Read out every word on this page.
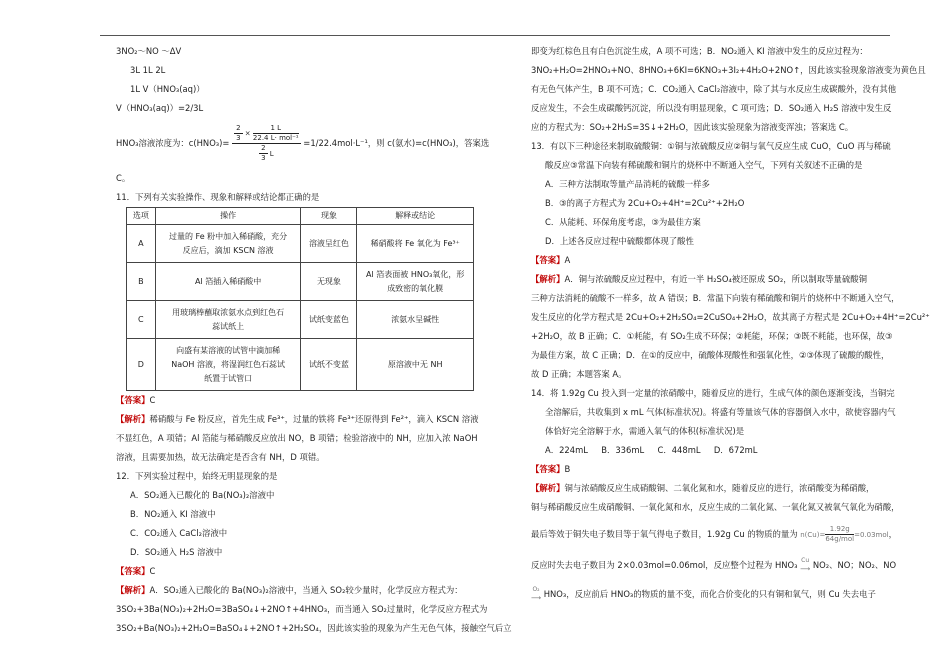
3NO₂～NO ～ΔV

3L 1L 2L

1L V（HNO₃(aq)）

V（HNO₃(aq)）=2/3L

HNO₃溶液浓度为：$c(HNO_3)= \frac{\frac{2}{3} \times \frac{1 L}{\text{22.4 L· mol⁻¹}}}{\frac{2}{3} L} =1/22.4mol\cdot L^{-1}$，则 c(氨水)=c(HNO₃)，答案选

C。

11．下列有关实验操作、现象和解释或结论都正确的是

选项	操作	现象	解释或结论
A	过量的 Fe 粉中加入稀硝酸，充分
反应后，滴加 KSCN 溶液	溶液呈红色	稀硝酸将 Fe 氧化为 Fe³⁺
B	Al 箔插入稀硝酸中	无现象	Al 箔表面被 HNO₃氧化，形
成致密的氧化膜

C	用玻璃棒蘸取浓氨水点到红色石
蕊试纸上	试纸变蓝色	浓氨水呈碱性
D	向盛有某溶液的试管中滴加稀
NaOH 溶液，将湿润红色石蕊试
纸置于试管口	试纸不变蓝	原溶液中无 NH

【答案】C

【解析】稀硝酸与 Fe 粉反应，首先生成 Fe³⁺，过量的铁将 Fe³⁺还原得到 Fe²⁺，滴入 KSCN 溶液

不显红色，A 项错；Al 箔能与稀硝酸反应放出 NO，B 项错；检验溶液中的 NH，应加入浓 NaOH

溶液，且需要加热，故无法确定是否含有 NH，D 项错。

12．下列实验过程中，始终无明显现象的是

A．SO₂通入已酸化的 Ba(NO₃)₂溶液中

B．NO₂通入 KI 溶液中

C．CO₂通入 CaCl₂溶液中

D．SO₂通入 H₂S 溶液中

【答案】C

【解析】A．SO₂通入已酸化的 Ba(NO₃)₂溶液中，当通入 SO₂较少量时，化学反应方程式为：

3SO₂+3Ba(NO₃)₂+2H₂O=3BaSO₄↓+2NO↑+4HNO₃，而当通入 SO₂过量时，化学反应方程式为

3SO₂+Ba(NO₃)₂+2H₂O=BaSO₄↓+2NO↑+2H₂SO₄，因此该实验的现象为产生无色气体，接触空气后立

即变为红棕色且有白色沉淀生成，A 项不可选；B．NO₂通入 KI 溶液中发生的反应过程为：

3NO₂+H₂O=2HNO₃+NO、8HNO₃+6KI=6KNO₃+3I₂+4H₂O+2NO↑，因此该实验现象溶液变为黄色且

有无色气体产生，B 项不可选；C．CO₂通入 CaCl₂溶液中，除了其与水反应生成碳酸外，没有其他

反应发生，不会生成碳酸钙沉淀，所以没有明显现象，C 项可选；D．SO₂通入 H₂S 溶液中发生反

应的方程式为：SO₂+2H₂S=3S↓+2H₂O，因此该实验现象为溶液变浑浊；答案选 C。

13．有以下三种途径来制取硫酸铜：①铜与浓硫酸反应②铜与氧气反应生成 CuO，CuO 再与稀硫

酸反应③常温下向装有稀硫酸和铜片的烧杯中不断通入空气，下列有关叙述不正确的是

A．三种方法制取等量产品消耗的硫酸一样多

B．③的离子方程式为 2Cu+O₂+4H⁺=2Cu²⁺+2H₂O

C．从能耗、环保角度考虑，③为最佳方案

D．上述各反应过程中硫酸都体现了酸性

【答案】A

【解析】A．铜与浓硫酸反应过程中，有近一半 H₂SO₄被还原成 SO₂，所以制取等量硫酸铜

三种方法消耗的硫酸不一样多，故 A 错误；B．常温下向装有稀硫酸和铜片的烧杯中不断通入空气，

发生反应的化学方程式是 2Cu+O₂+2H₂SO₄=2CuSO₄+2H₂O，故其离子方程式是 2Cu+O₂+4H⁺=2Cu²⁺

+2H₂O，故 B 正确；C．①耗能，有 SO₂生成不环保；②耗能，环保；③既不耗能，也环保，故③

为最佳方案，故 C 正确；D．在①的反应中，硫酸体现酸性和强氧化性，②③体现了硫酸的酸性，

故 D 正确；本题答案 A。

14．将 1.92g Cu 投入到一定量的浓硝酸中，随着反应的进行，生成气体的颜色逐渐变浅，当铜完

全溶解后，共收集到 x mL 气体(标准状况)。将盛有等量该气体的容器倒入水中，欲使容器内气

体恰好完全溶解于水，需通入氧气的体积(标准状况)是

A．224mL B．336mL C．448mL D．672mL

【答案】B

【解析】铜与浓硝酸反应生成硝酸铜、二氧化氮和水，随着反应的进行，浓硝酸变为稀硝酸，

铜与稀硝酸反应生成硝酸铜、一氧化氮和水，反应生成的二氧化氮、一氧化氮又被氧气氧化为硝酸，

最后等效于铜失电子数目等于氧气得电子数目，1.92g Cu 的物质的量为 $n(Cu)= \frac{1.92g}{\text{64g/mol}}=0.03mol$，

反应时失去电子数目为 2×0.03mol=0.06mol，反应整个过程为 HNO₃ Cu
⟶ NO₂、NO；NO₂、NO

O₂
⟶ HNO₃，反应前后 HNO₃的物质的量不变，而化合价变化的只有铜和氧气，则 Cu 失去电子
